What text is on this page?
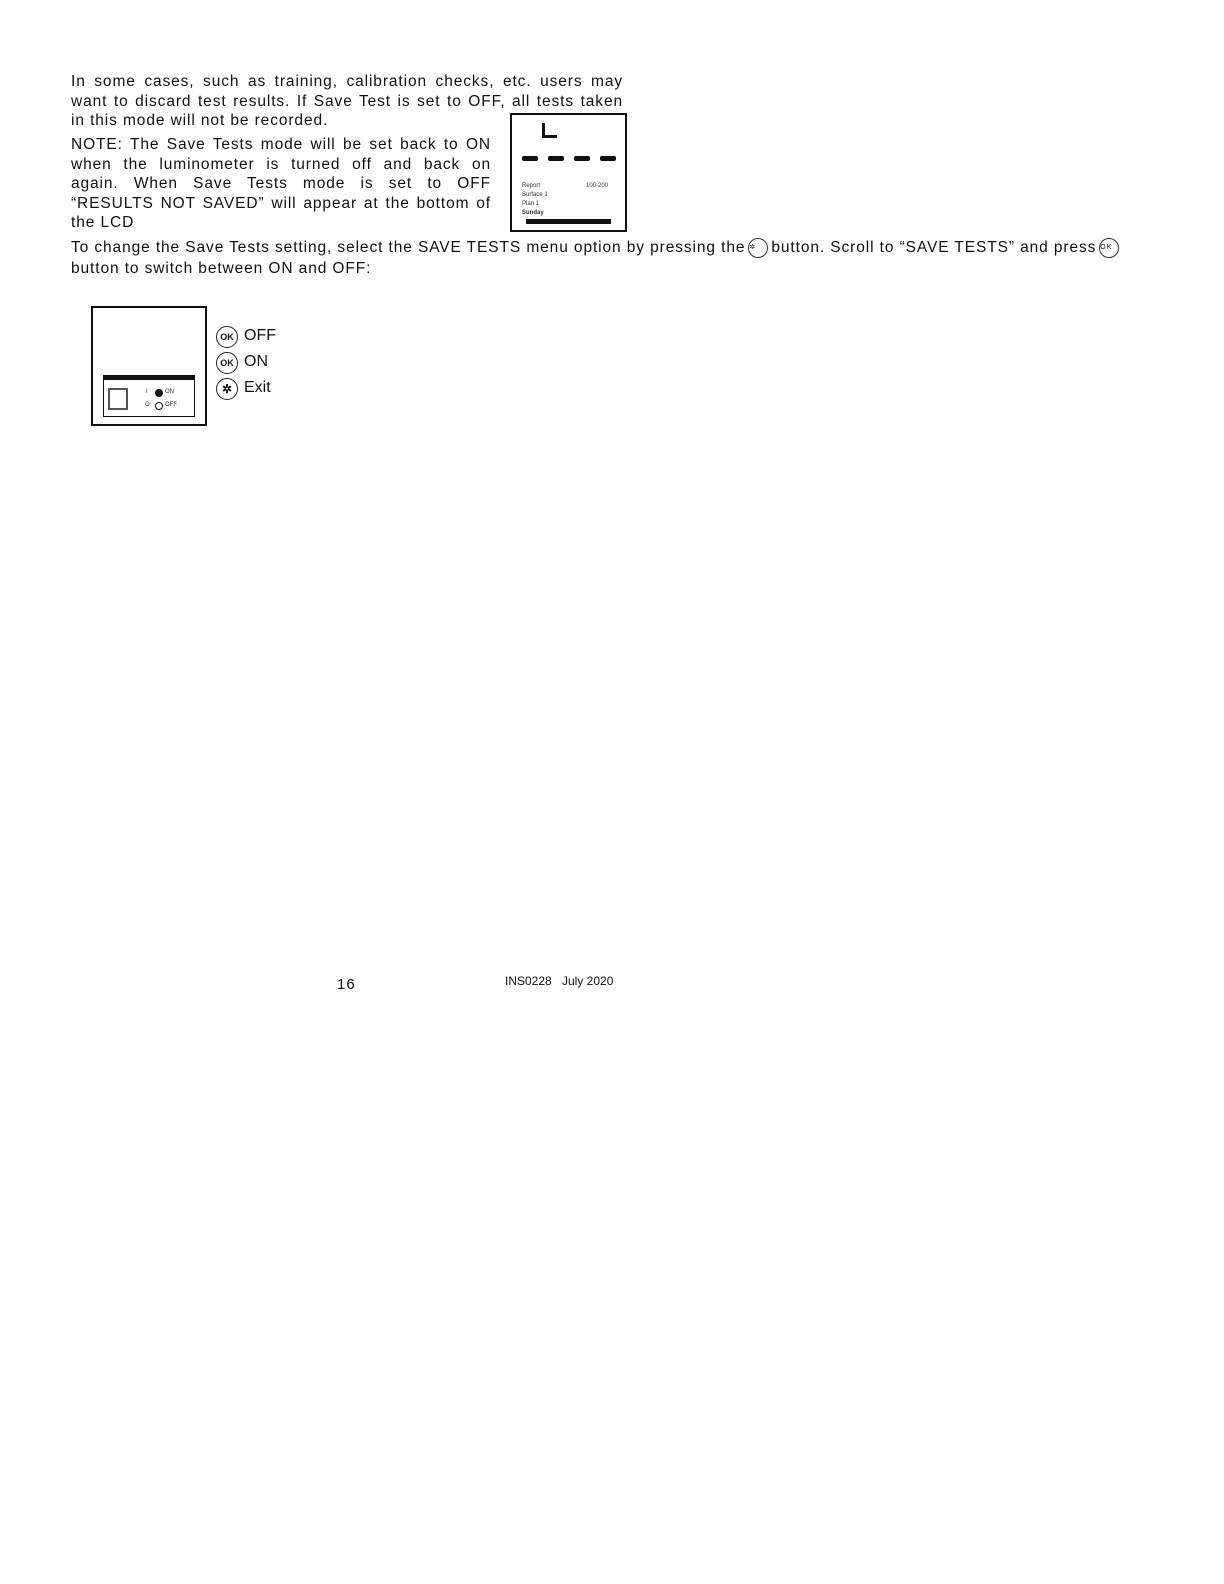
In some cases, such as training, calibration checks, etc. users may want to discard test results. If Save Test is set to OFF, all tests taken in this mode will not be recorded.
NOTE: The Save Tests mode will be set back to ON when the luminometer is turned off and back on again. When Save Tests mode is set to OFF “RESULTS NOT SAVED” will appear at the bottom of the LCD
Report	100-200
Surface 1
Plan 1
Sunday
To change the Save Tests setting, select the SAVE TESTS menu option by pressing the ✲ button. Scroll to “SAVE TESTS” and press OK
button to switch between ON and OFF:
I	ON
O	OFF
OK OFF
OK ON
✲ Exit
16	INS0228 July 2020
